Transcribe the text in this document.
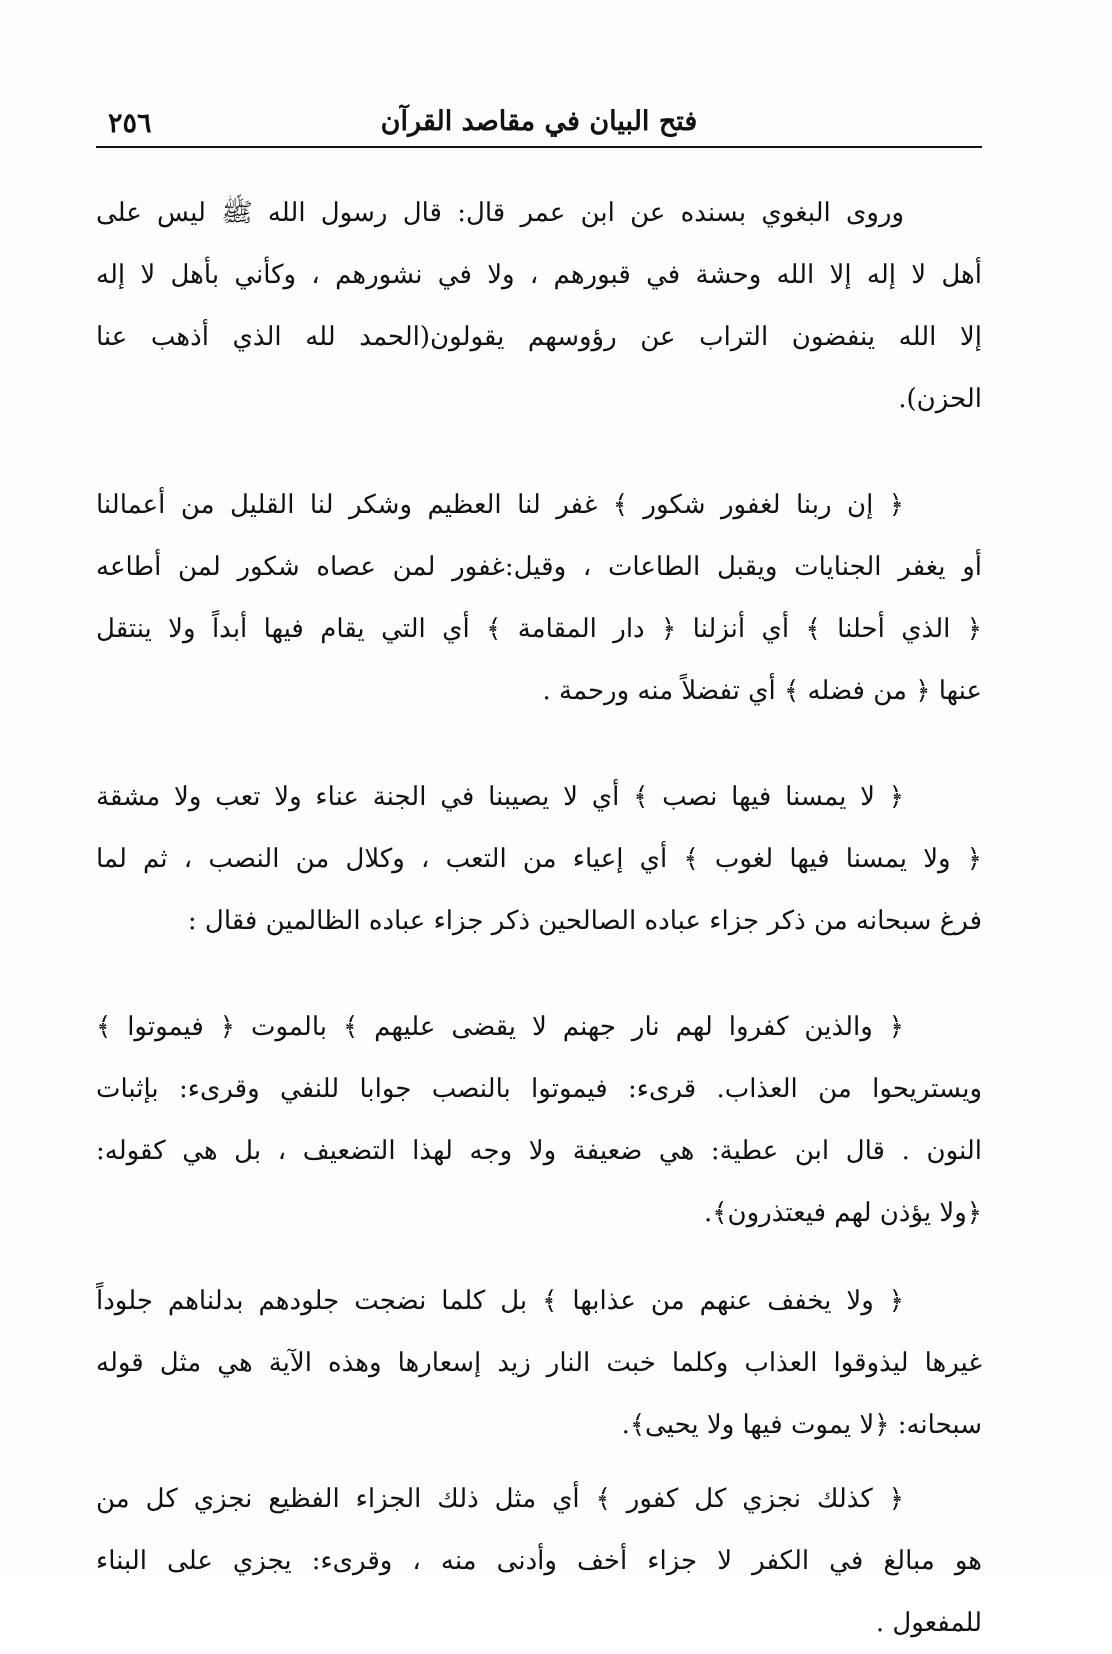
٢٥٦	فتح البيان في مقاصد القرآن
وروى البغوي بسنده عن ابن عمر قال: قال رسول الله ﷺ ليس على
أهل لا إله إلا الله وحشة في قبورهم ، ولا في نشورهم ، وكأني بأهل لا إله
إلا الله ينفضون التراب عن رؤوسهم يقولون(الحمد لله الذي أذهب عنا
الحزن).
﴿ إن ربنا لغفور شكور ﴾ غفر لنا العظيم وشكر لنا القليل من أعمالنا
أو يغفر الجنايات ويقبل الطاعات ، وقيل:غفور لمن عصاه شكور لمن أطاعه
﴿ الذي أحلنا ﴾ أي أنزلنا ﴿ دار المقامة ﴾ أي التي يقام فيها أبداً ولا ينتقل
عنها ﴿ من فضله ﴾ أي تفضلاً منه ورحمة .
﴿ لا يمسنا فيها نصب ﴾ أي لا يصيبنا في الجنة عناء ولا تعب ولا مشقة
﴿ ولا يمسنا فيها لغوب ﴾ أي إعياء من التعب ، وكلال من النصب ، ثم لما
فرغ سبحانه من ذكر جزاء عباده الصالحين ذكر جزاء عباده الظالمين فقال :
﴿ والذين كفروا لهم نار جهنم لا يقضى عليهم ﴾ بالموت ﴿ فيموتوا ﴾
ويستريحوا من العذاب. قرىء: فيموتوا بالنصب جوابا للنفي وقرىء: بإثبات
النون . قال ابن عطية: هي ضعيفة ولا وجه لهذا التضعيف ، بل هي كقوله:
﴿ولا يؤذن لهم فيعتذرون﴾.
﴿ ولا يخفف عنهم من عذابها ﴾ بل كلما نضجت جلودهم بدلناهم جلوداً
غيرها ليذوقوا العذاب وكلما خبت النار زيد إسعارها وهذه الآية هي مثل قوله
سبحانه: ﴿لا يموت فيها ولا يحيى﴾.
﴿ كذلك نجزي كل كفور ﴾ أي مثل ذلك الجزاء الفظيع نجزي كل من
هو مبالغ في الكفر لا جزاء أخف وأدنى منه ، وقرىء: يجزي على البناء
للمفعول .
